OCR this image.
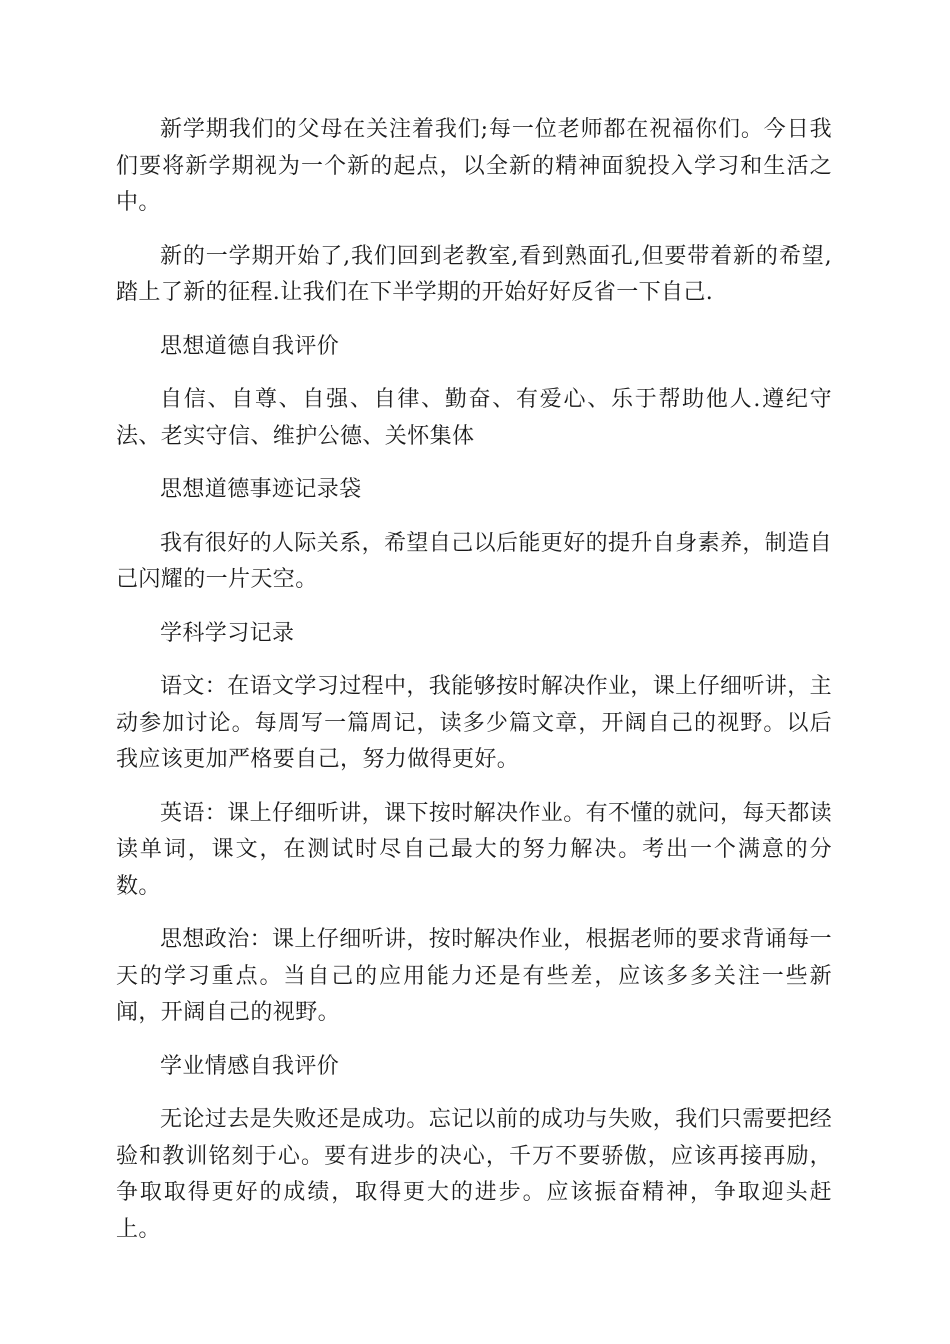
新学期我们的父母在关注着我们;每一位老师都在祝福你们。今日我们要将新学期视为一个新的起点，以全新的精神面貌投入学习和生活之中。

新的一学期开始了,我们回到老教室,看到熟面孔,但要带着新的希望,踏上了新的征程.让我们在下半学期的开始好好反省一下自己.

思想道德自我评价

自信、自尊、自强、自律、勤奋、有爱心、乐于帮助他人.遵纪守法、老实守信、维护公德、关怀集体

思想道德事迹记录袋

我有很好的人际关系，希望自己以后能更好的提升自身素养，制造自己闪耀的一片天空。

学科学习记录

语文：在语文学习过程中，我能够按时解决作业，课上仔细听讲，主动参加讨论。每周写一篇周记，读多少篇文章，开阔自己的视野。以后我应该更加严格要自己，努力做得更好。

英语：课上仔细听讲，课下按时解决作业。有不懂的就问，每天都读读单词，课文，在测试时尽自己最大的努力解决。考出一个满意的分数。

思想政治：课上仔细听讲，按时解决作业，根据老师的要求背诵每一天的学习重点。当自己的应用能力还是有些差，应该多多关注一些新闻，开阔自己的视野。

学业情感自我评价

无论过去是失败还是成功。忘记以前的成功与失败，我们只需要把经验和教训铭刻于心。要有进步的决心，千万不要骄傲，应该再接再励，争取取得更好的成绩，取得更大的进步。应该振奋精神，争取迎头赶上。
